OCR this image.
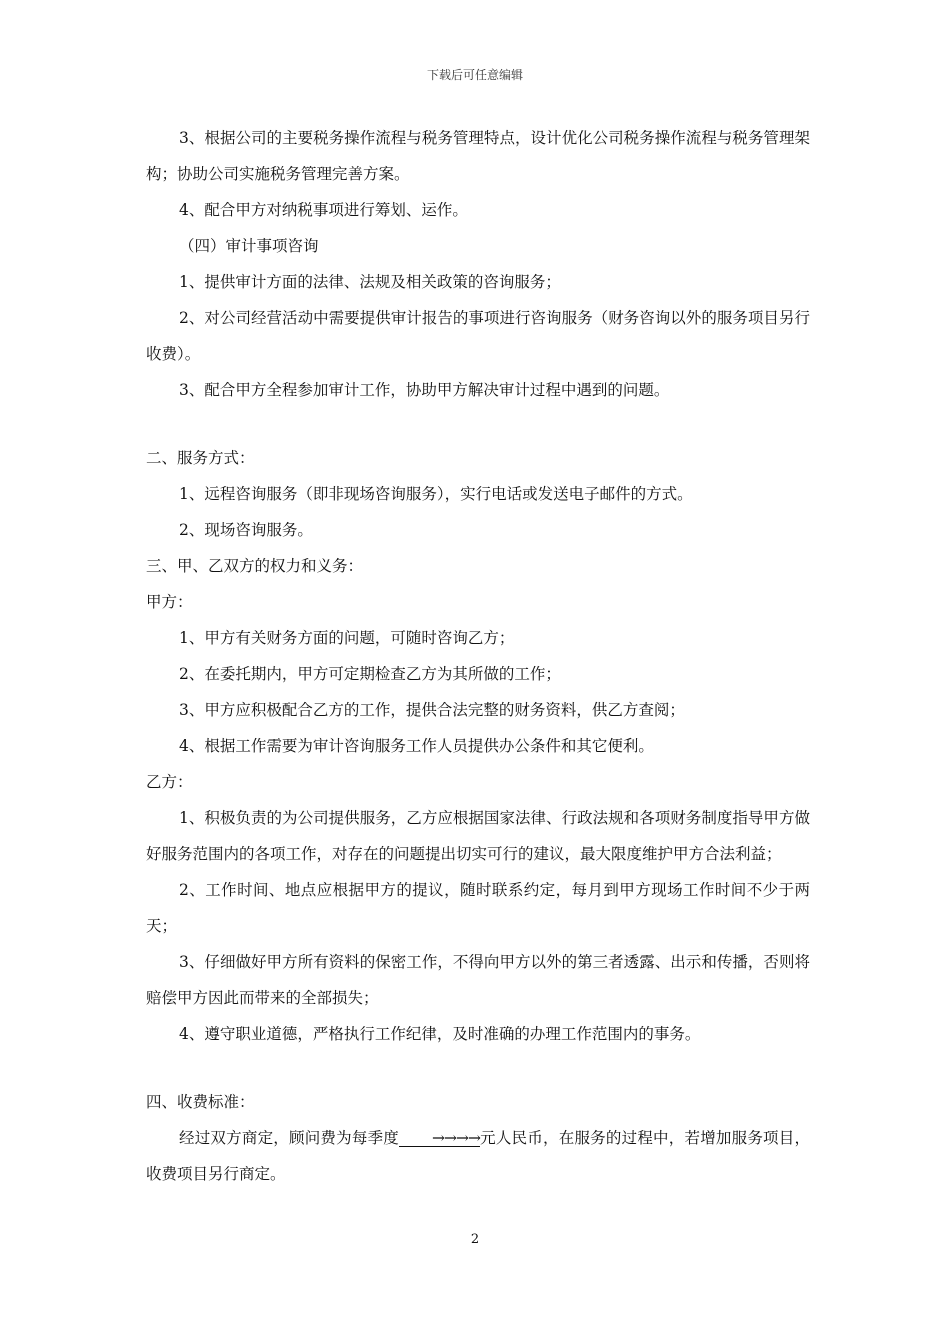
下载后可任意编辑

3、根据公司的主要税务操作流程与税务管理特点，设计优化公司税务操作流程与税务管理架构；协助公司实施税务管理完善方案。

4、配合甲方对纳税事项进行筹划、运作。

（四）审计事项咨询

1、提供审计方面的法律、法规及相关政策的咨询服务；

2、对公司经营活动中需要提供审计报告的事项进行咨询服务（财务咨询以外的服务项目另行收费）。

3、配合甲方全程参加审计工作，协助甲方解决审计过程中遇到的问题。

二、服务方式：

1、远程咨询服务（即非现场咨询服务），实行电话或发送电子邮件的方式。

2、现场咨询服务。

三、甲、乙双方的权力和义务：

甲方：

1、甲方有关财务方面的问题，可随时咨询乙方；

2、在委托期内，甲方可定期检查乙方为其所做的工作；

3、甲方应积极配合乙方的工作，提供合法完整的财务资料，供乙方查阅；

4、根据工作需要为审计咨询服务工作人员提供办公条件和其它便利。

乙方：

1、积极负责的为公司提供服务，乙方应根据国家法律、行政法规和各项财务制度指导甲方做好服务范围内的各项工作，对存在的问题提出切实可行的建议，最大限度维护甲方合法利益；

2、工作时间、地点应根据甲方的提议，随时联系约定，每月到甲方现场工作时间不少于两天；

3、仔细做好甲方所有资料的保密工作，不得向甲方以外的第三者透露、出示和传播，否则将赔偿甲方因此而带来的全部损失；

4、遵守职业道德，严格执行工作纪律，及时准确的办理工作范围内的事务。

四、收费标准：

经过双方商定，顾问费为每季度 →→→→元人民币，在服务的过程中，若增加服务项目，收费项目另行商定。

2
